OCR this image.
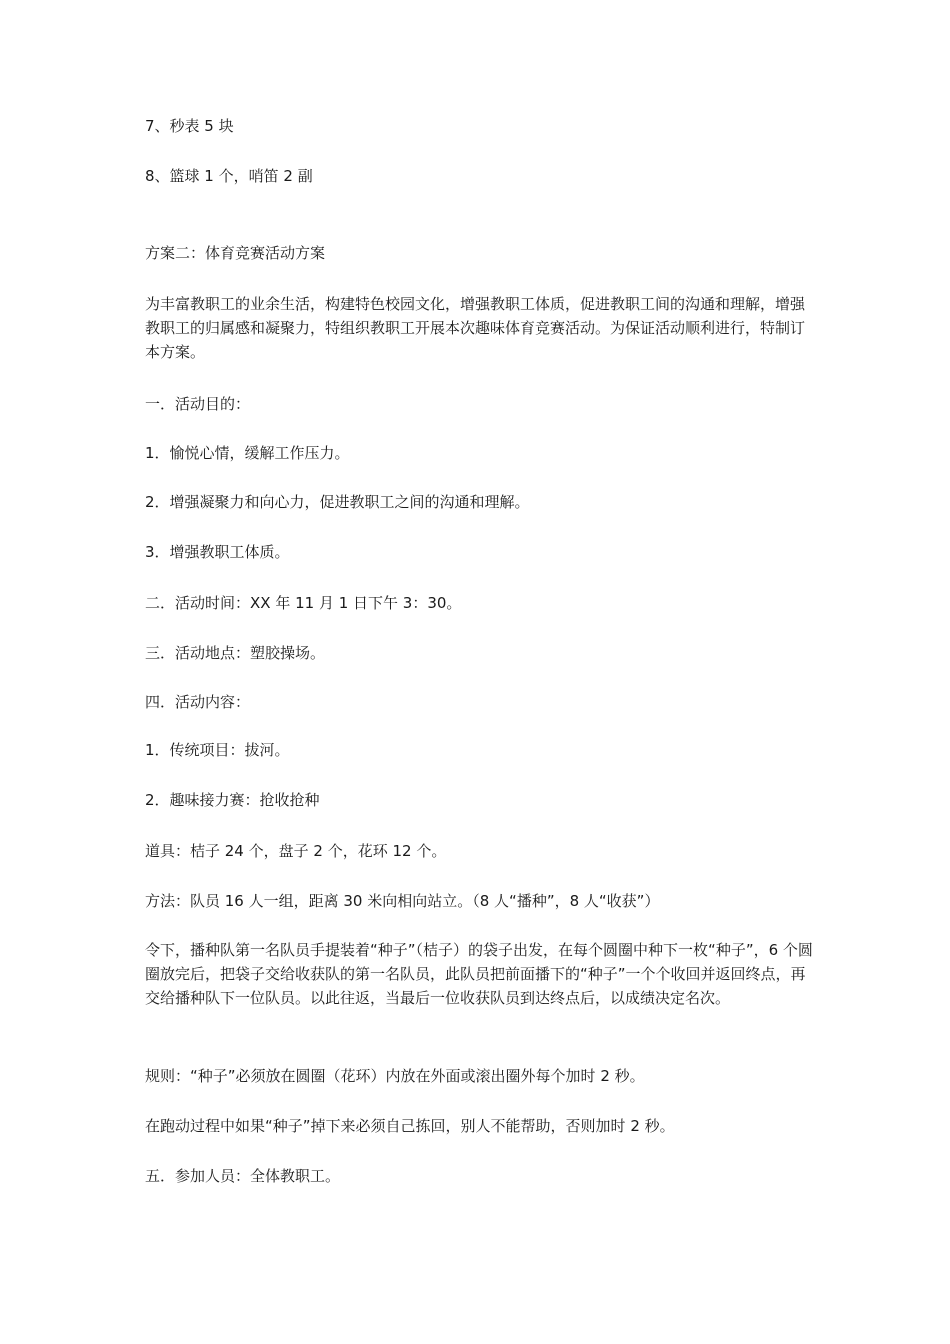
7、秒表 5 块

8、篮球 1 个，哨笛 2 副

方案二：体育竞赛活动方案

为丰富教职工的业余生活，构建特色校园文化，增强教职工体质，促进教职工间的沟通和理解，增强教职工的归属感和凝聚力，特组织教职工开展本次趣味体育竞赛活动。为保证活动顺利进行，特制订本方案。

一．活动目的：

1．愉悦心情，缓解工作压力。

2．增强凝聚力和向心力，促进教职工之间的沟通和理解。

3．增强教职工体质。

二．活动时间：XX 年 11 月 1 日下午 3：30。

三．活动地点：塑胶操场。

四．活动内容：

1．传统项目：拔河。

2．趣味接力赛：抢收抢种

道具：桔子 24 个，盘子 2 个，花环 12 个。

方法：队员 16 人一组，距离 30 米向相向站立。（8 人“播种”，8 人“收获”）

令下，播种队第一名队员手提装着“种子”（桔子）的袋子出发，在每个圆圈中种下一枚“种子”，6 个圆圈放完后，把袋子交给收获队的第一名队员，此队员把前面播下的“种子”一个个收回并返回终点，再交给播种队下一位队员。以此往返，当最后一位收获队员到达终点后，以成绩决定名次。

规则：“种子”必须放在圆圈（花环）内放在外面或滚出圈外每个加时 2 秒。

在跑动过程中如果“种子”掉下来必须自己拣回，别人不能帮助，否则加时 2 秒。

五．参加人员：全体教职工。
